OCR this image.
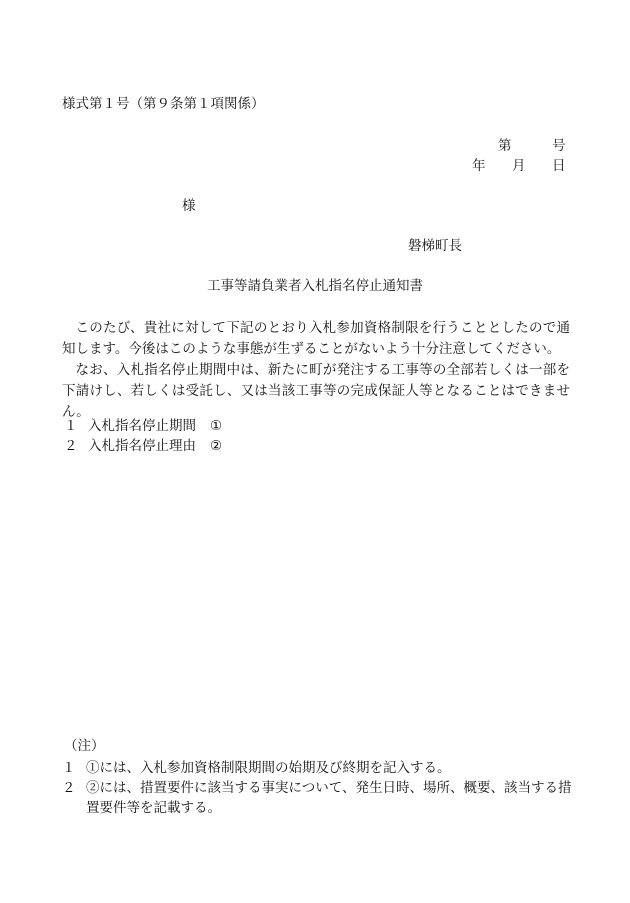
様式第１号（第９条第１項関係）
第	号
年 月 日
様
磐梯町長
工事等請負業者入札指名停止通知書

このたび、貴社に対して下記のとおり入札参加資格制限を行うこととしたので通知します。今後はこのような事態が生ずることがないよう十分注意してください。

なお、入札指名停止期間中は、新たに町が発注する工事等の全部若しくは一部を下請けし、若しくは受託し、又は当該工事等の完成保証人等となることはできません。

１ 入札指名停止期間 ①
２ 入札指名停止理由 ②
（注）
１ ①には、入札参加資格制限期間の始期及び終期を記入する。
２ ②には、措置要件に該当する事実について、発生日時、場所、概要、該当する措置要件等を記載する。
